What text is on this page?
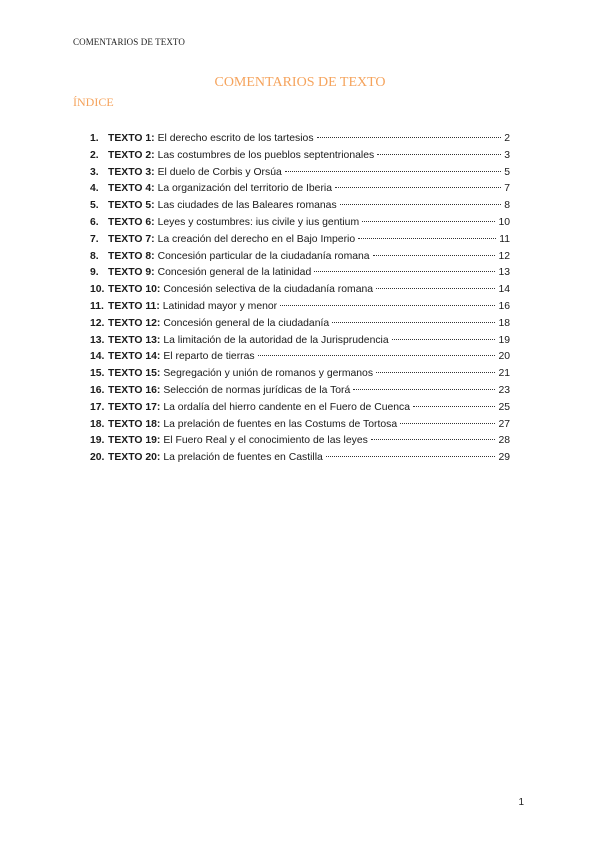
COMENTARIOS DE TEXTO
COMENTARIOS DE TEXTO
ÍNDICE
1. TEXTO 1: El derecho escrito de los tartesios	2
2. TEXTO 2: Las costumbres de los pueblos septentrionales	3
3. TEXTO 3: El duelo de Corbis y Orsúa	5
4. TEXTO 4: La organización del territorio de Iberia	7
5. TEXTO 5: Las ciudades de las Baleares romanas	8
6. TEXTO 6: Leyes y costumbres: ius civile y ius gentium	10
7. TEXTO 7: La creación del derecho en el Bajo Imperio	11
8. TEXTO 8: Concesión particular de la ciudadanía romana	12
9. TEXTO 9: Concesión general de la latinidad	13
10. TEXTO 10: Concesión selectiva de la ciudadanía romana	14
11. TEXTO 11: Latinidad mayor y menor	16
12. TEXTO 12: Concesión general de la ciudadanía	18
13. TEXTO 13: La limitación de la autoridad de la Jurisprudencia	19
14. TEXTO 14: El reparto de tierras	20
15. TEXTO 15: Segregación y unión de romanos y germanos	21
16. TEXTO 16: Selección de normas jurídicas de la Torá	23
17. TEXTO 17: La ordalía del hierro candente en el Fuero de Cuenca	25
18. TEXTO 18: La prelación de fuentes en las Costums de Tortosa	27
19. TEXTO 19: El Fuero Real y el conocimiento de las leyes	28
20. TEXTO 20: La prelación de fuentes en Castilla	29
1
